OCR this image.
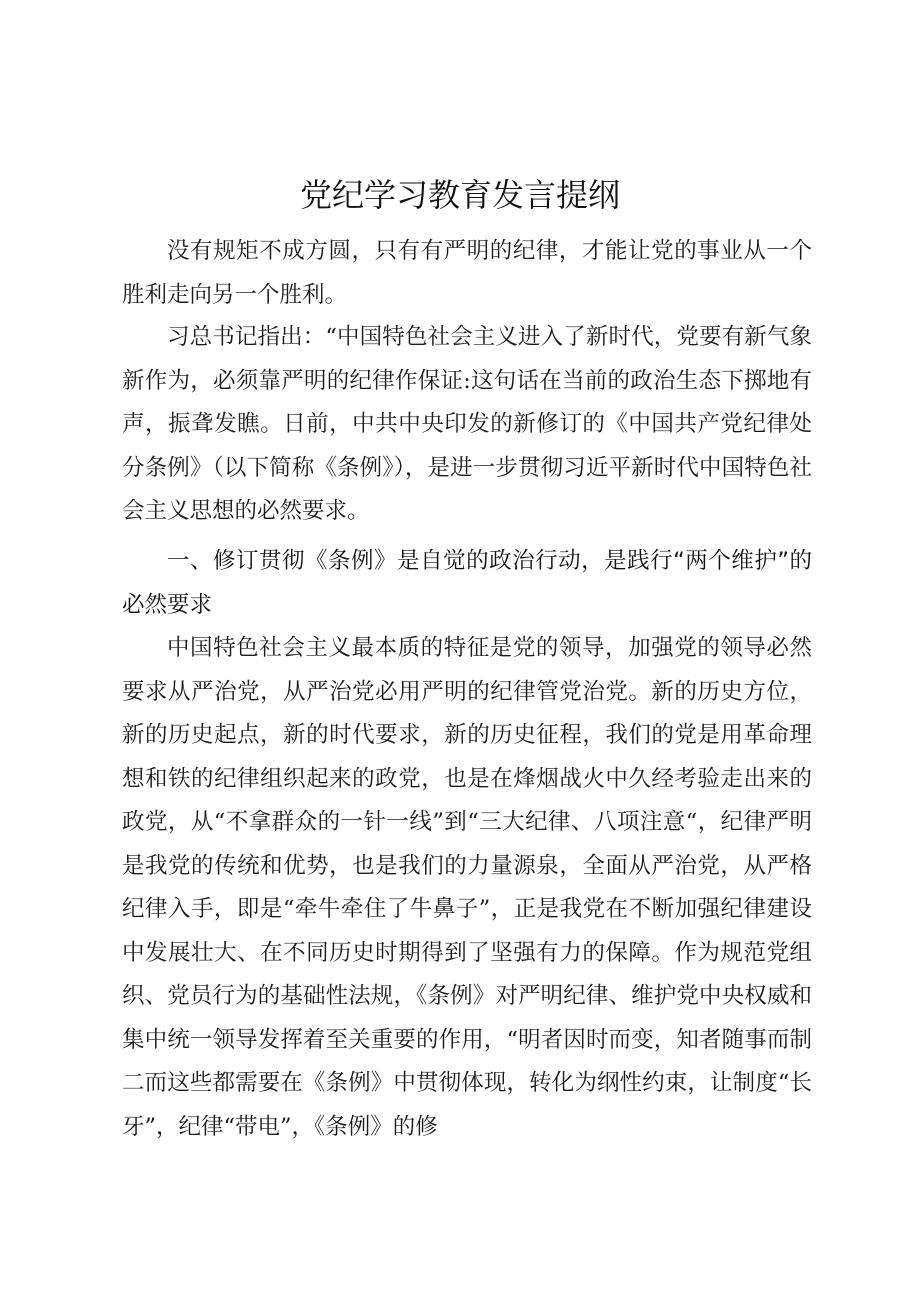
党纪学习教育发言提纲

没有规矩不成方圆，只有有严明的纪律，才能让党的事业从一个胜利走向另一个胜利。

习总书记指出：“中国特色社会主义进入了新时代，党要有新气象新作为，必须靠严明的纪律作保证:这句话在当前的政治生态下掷地有声，振聋发瞧。日前，中共中央印发的新修订的《中国共产党纪律处分条例》（以下简称《条例》），是进一步贯彻习近平新时代中国特色社会主义思想的必然要求。

一、修订贯彻《条例》是自觉的政治行动，是践行“两个维护”的必然要求

中国特色社会主义最本质的特征是党的领导，加强党的领导必然要求从严治党，从严治党必用严明的纪律管党治党。新的历史方位，新的历史起点，新的时代要求，新的历史征程，我们的党是用革命理想和铁的纪律组织起来的政党，也是在烽烟战火中久经考验走出来的政党，从“不拿群众的一针一线”到“三大纪律、八项注意“，纪律严明是我党的传统和优势，也是我们的力量源泉，全面从严治党，从严格纪律入手，即是“牵牛牵住了牛鼻子”，正是我党在不断加强纪律建设中发展壮大、在不同历史时期得到了坚强有力的保障。作为规范党组织、党员行为的基础性法规，《条例》对严明纪律、维护党中央权威和集中统一领导发挥着至关重要的作用，“明者因时而变，知者随事而制二而这些都需要在《条例》中贯彻体现，转化为纲性约束，让制度“长牙”，纪律“带电”，《条例》的修
